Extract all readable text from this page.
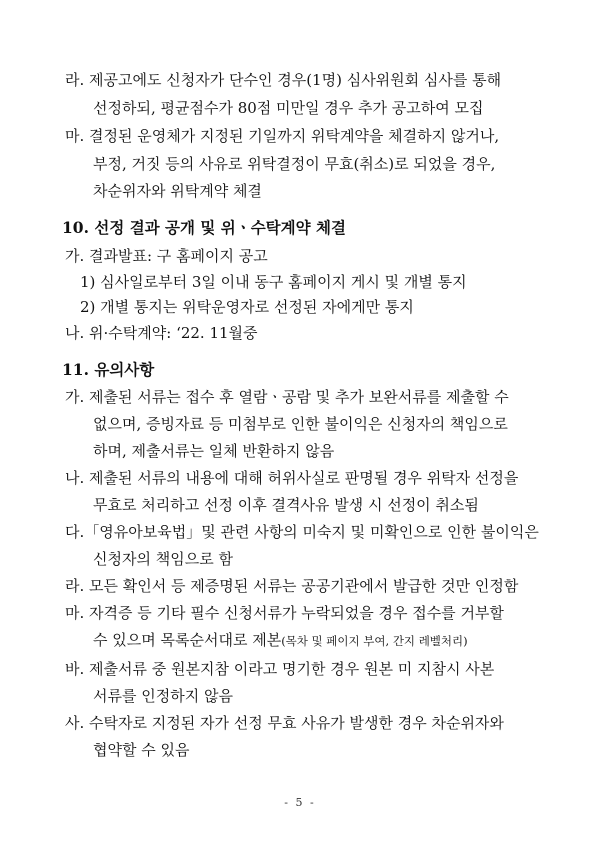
라. 제공고에도 신청자가 단수인 경우(1명) 심사위원회 심사를 통해
선정하되, 평균점수가 80점 미만일 경우 추가 공고하여 모집
마. 결정된 운영체가 지정된 기일까지 위탁계약을 체결하지 않거나,
부정, 거짓 등의 사유로 위탁결정이 무효(취소)로 되었을 경우,
차순위자와 위탁계약 체결
10. 선정 결과 공개 및 위ㆍ수탁계약 체결
가. 결과발표: 구 홈페이지 공고
1) 심사일로부터 3일 이내 동구 홈페이지 게시 및 개별 통지
2) 개별 통지는 위탁운영자로 선정된 자에게만 통지
나. 위·수탁계약: ‘22. 11월중
11. 유의사항
가. 제출된 서류는 접수 후 열람ㆍ공람 및 추가 보완서류를 제출할 수
없으며, 증빙자료 등 미첨부로 인한 불이익은 신청자의 책임으로
하며, 제출서류는 일체 반환하지 않음
나. 제출된 서류의 내용에 대해 허위사실로 판명될 경우 위탁자 선정을
무효로 처리하고 선정 이후 결격사유 발생 시 선정이 취소됨
다.「영유아보육법」및 관련 사항의 미숙지 및 미확인으로 인한 불이익은
신청자의 책임으로 함
라. 모든 확인서 등 제증명된 서류는 공공기관에서 발급한 것만 인정함
마. 자격증 등 기타 필수 신청서류가 누락되었을 경우 접수를 거부할
수 있으며 목록순서대로 제본(목차 및 페이지 부여, 간지 레벨처리)
바. 제출서류 중 원본지참 이라고 명기한 경우 원본 미 지참시 사본
서류를 인정하지 않음
사. 수탁자로 지정된 자가 선정 무효 사유가 발생한 경우 차순위자와
협약할 수 있음
- 5 -
